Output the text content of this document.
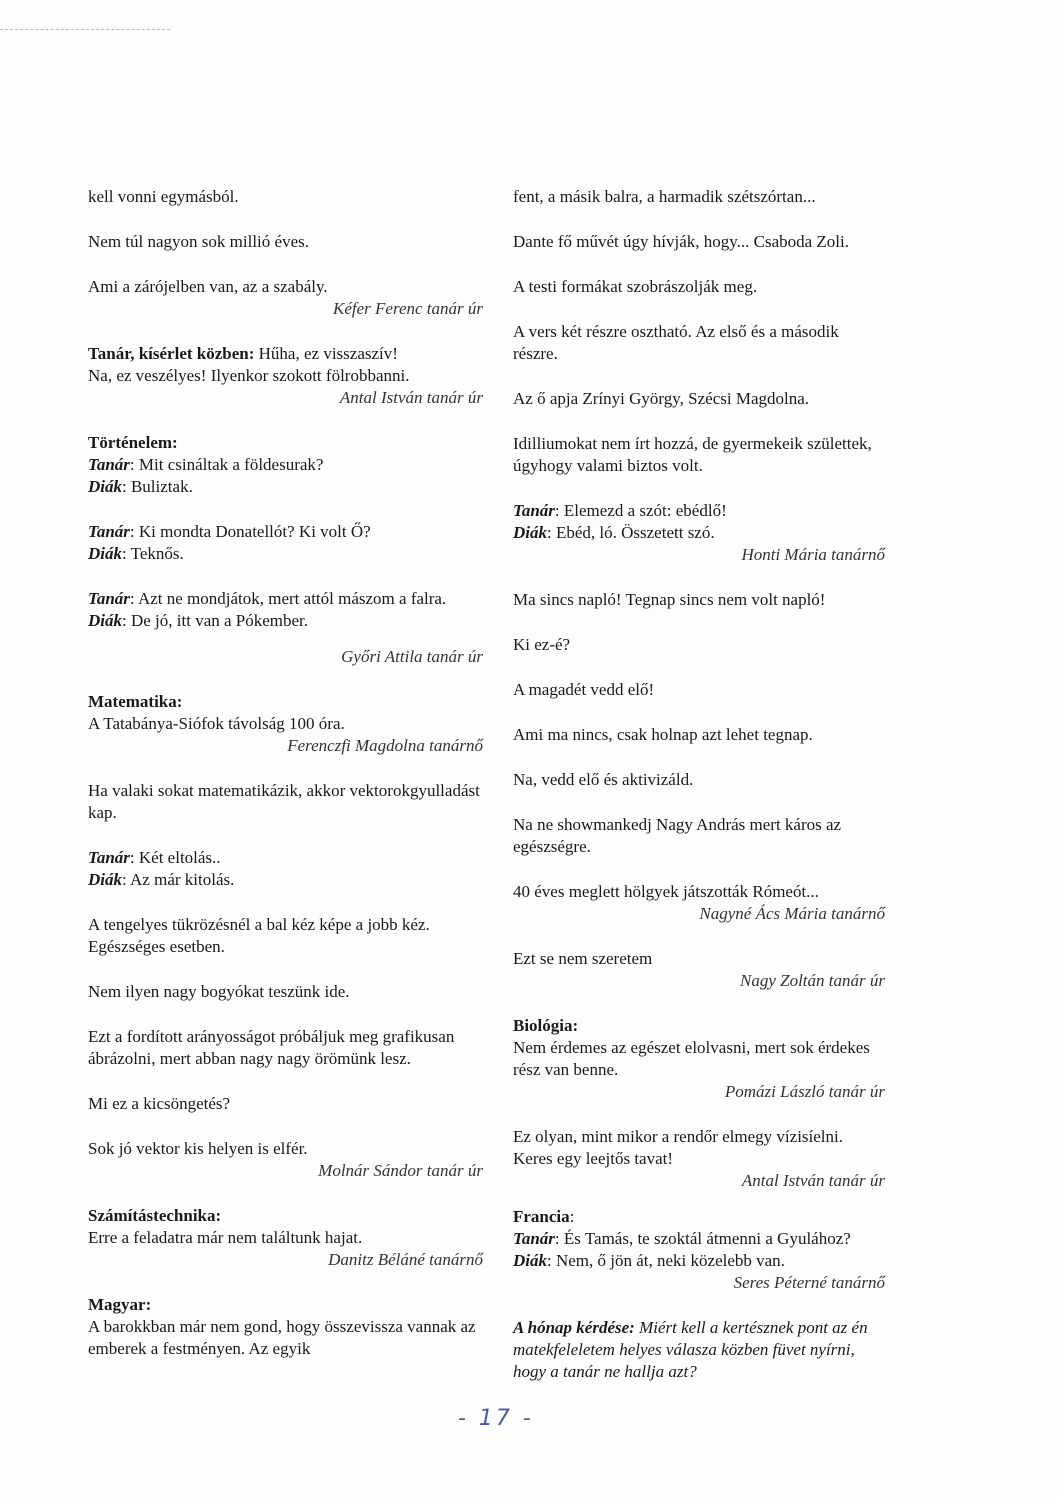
kell vonni egymásból.
Nem túl nagyon sok millió éves.
Ami a zárójelben van, az a szabály.
Kéfer Ferenc tanár úr
Tanár, kísérlet közben: Hűha, ez visszaszív!
Na, ez veszélyes! Ilyenkor szokott fölrobbanni.
Antal István tanár úr
Történelem:
Tanár: Mit csináltak a földesurak?
Diák: Buliztak.
Tanár: Ki mondta Donatellót? Ki volt Ő?
Diák: Teknős.
Tanár: Azt ne mondjátok, mert attól mászom a falra.
Diák: De jó, itt van a Pókember.
Győri Attila tanár úr
Matematika:
A Tatabánya-Siófok távolság 100 óra.
Ferenczfi Magdolna tanárnő
Ha valaki sokat matematikázik, akkor vektorokgyulladást kap.
Tanár: Két eltolás..
Diák: Az már kitolás.
A tengelyes tükrözésnél a bal kéz képe a jobb kéz. Egészséges esetben.
Nem ilyen nagy bogyókat teszünk ide.
Ezt a fordított arányosságot próbáljuk meg grafikusan ábrázolni, mert abban nagy nagy örömünk lesz.
Mi ez a kicsöngetés?
Sok jó vektor kis helyen is elfér.
Molnár Sándor tanár úr
Számítástechnika:
Erre a feladatra már nem találtunk hajat.
Danitz Béláné tanárnő
Magyar:
A barokkban már nem gond, hogy összevissza vannak az emberek a festményen. Az egyik
fent, a másik balra, a harmadik szétszórtan...
Dante fő művét úgy hívják, hogy... Csaboda Zoli.
A testi formákat szobrászolják meg.
A vers két részre osztható. Az első és a második részre.
Az ő apja Zrínyi György, Szécsi Magdolna.
Idilliumokat nem írt hozzá, de gyermekeik születtek, úgyhogy valami biztos volt.
Tanár: Elemezd a szót: ebédlő!
Diák: Ebéd, ló. Összetett szó.
Honti Mária tanárnő
Ma sincs napló! Tegnap sincs nem volt napló!
Ki ez-é?
A magadét vedd elő!
Ami ma nincs, csak holnap azt lehet tegnap.
Na, vedd elő és aktivizáld.
Na ne showmankedj Nagy András mert káros az egészségre.
40 éves meglett hölgyek játszották Rómeót...
Nagyné Ács Mária tanárnő
Ezt se nem szeretem
Nagy Zoltán tanár úr
Biológia:
Nem érdemes az egészet elolvasni, mert sok érdekes rész van benne.
Pomázi László tanár úr
Ez olyan, mint mikor a rendőr elmegy vízisíelni. Keres egy leejtős tavat!
Antal István tanár úr
Francia:
Tanár: És Tamás, te szoktál átmenni a Gyulához?
Diák: Nem, ő jön át, neki közelebb van.
Seres Péterné tanárnő
A hónap kérdése: Miért kell a kertésznek pont az én matekfeleletem helyes válasza közben füvet nyírni, hogy a tanár ne hallja azt?
- 17 -
